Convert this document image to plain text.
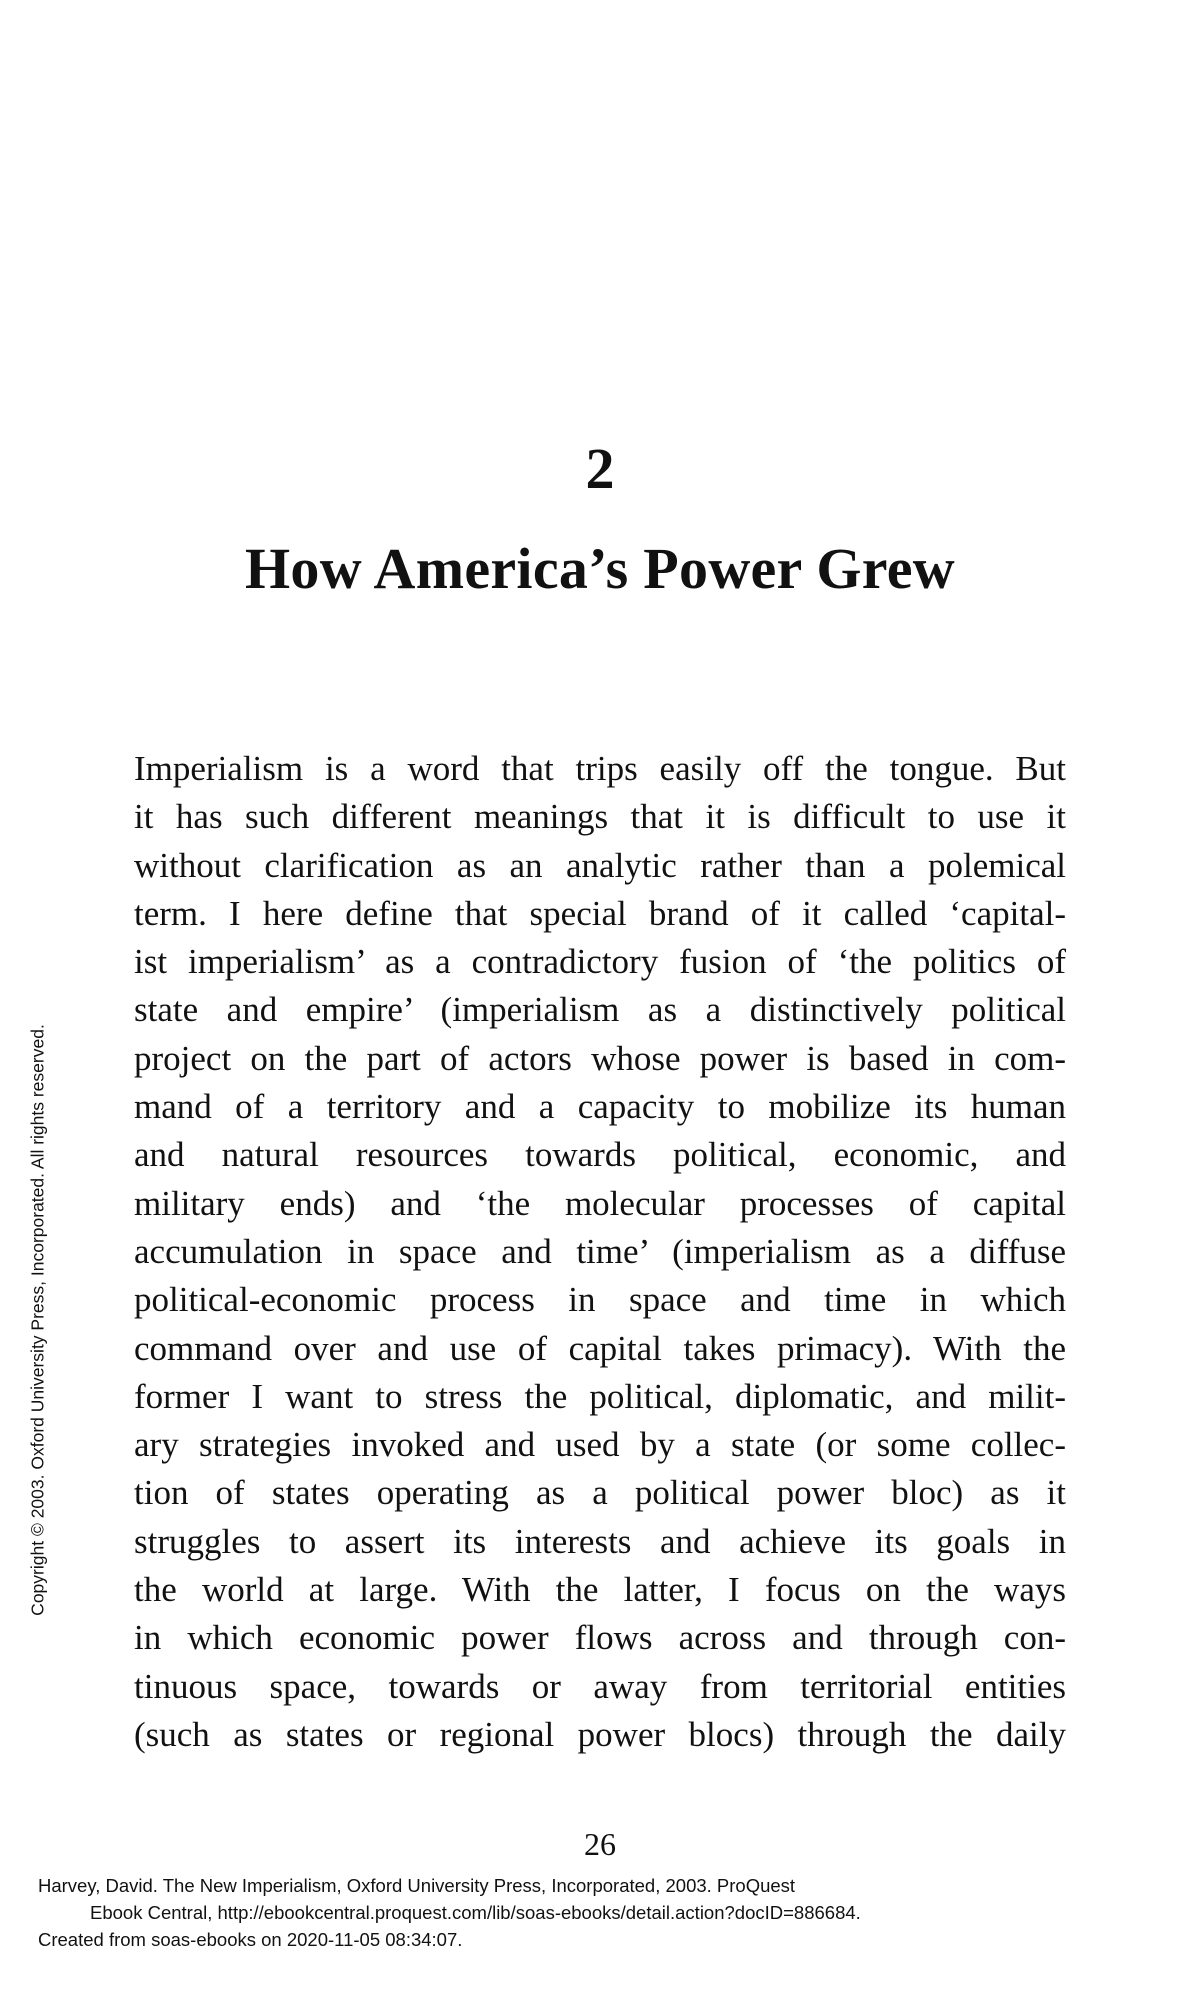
2
How America’s Power Grew
Imperialism is a word that trips easily off the tongue. But
it has such different meanings that it is difficult to use it
without clarification as an analytic rather than a polemical
term. I here define that special brand of it called ‘capital-
ist imperialism’ as a contradictory fusion of ‘the politics of
state and empire’ (imperialism as a distinctively political
project on the part of actors whose power is based in com-
mand of a territory and a capacity to mobilize its human
and natural resources towards political, economic, and
military ends) and ‘the molecular processes of capital
accumulation in space and time’ (imperialism as a diffuse
political-economic process in space and time in which
command over and use of capital takes primacy). With the
former I want to stress the political, diplomatic, and milit-
ary strategies invoked and used by a state (or some collec-
tion of states operating as a political power bloc) as it
struggles to assert its interests and achieve its goals in
the world at large. With the latter, I focus on the ways
in which economic power flows across and through con-
tinuous space, towards or away from territorial entities
(such as states or regional power blocs) through the daily
Copyright © 2003. Oxford University Press, Incorporated. All rights reserved.
26
Harvey, David. The New Imperialism, Oxford University Press, Incorporated, 2003. ProQuest
Ebook Central, http://ebookcentral.proquest.com/lib/soas-ebooks/detail.action?docID=886684.
Created from soas-ebooks on 2020-11-05 08:34:07.
